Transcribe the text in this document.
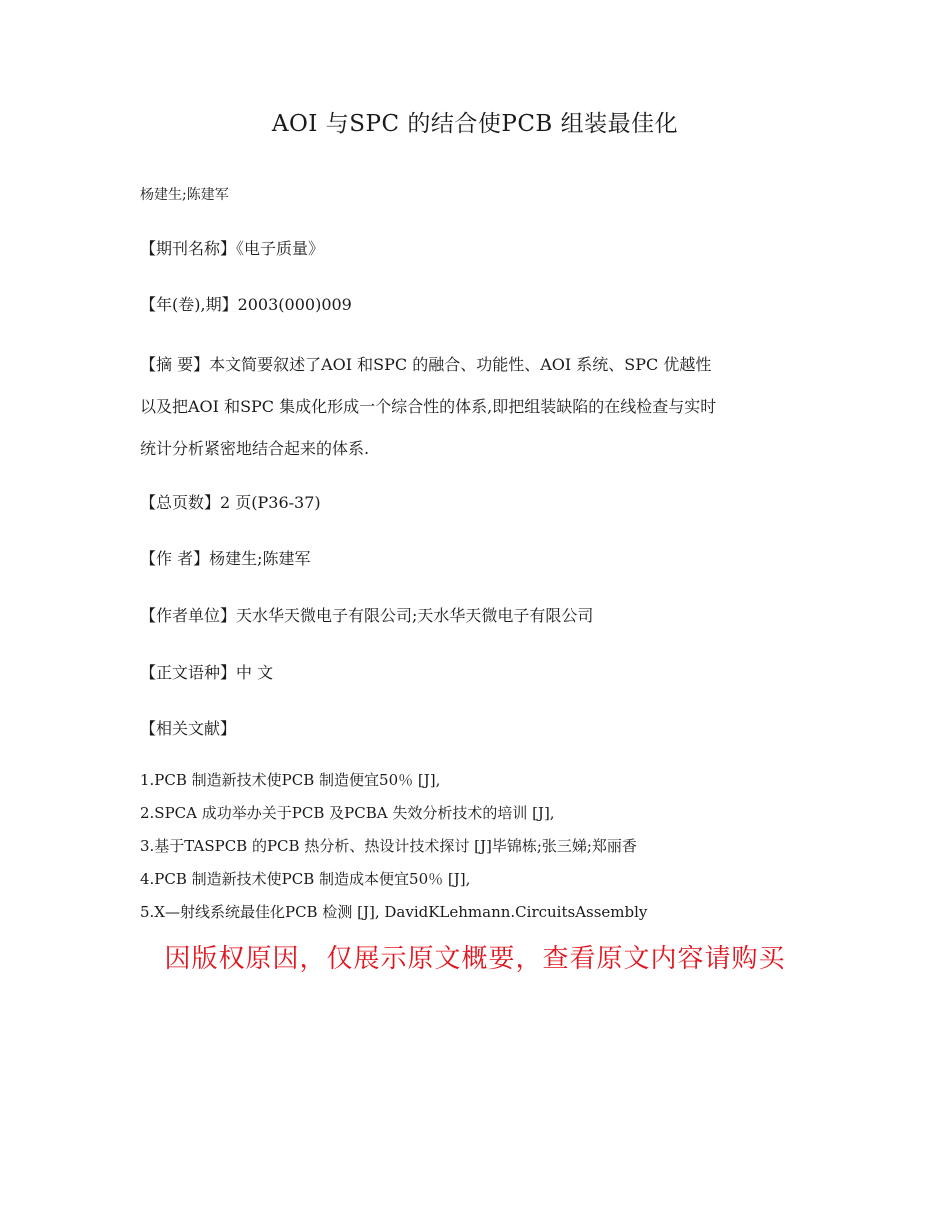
AOI 与SPC 的结合使PCB 组装最佳化
杨建生;陈建军
【期刊名称】《电子质量》
【年(卷),期】2003(000)009
【摘 要】本文简要叙述了AOI 和SPC 的融合、功能性、AOI 系统、SPC 优越性
以及把AOI 和SPC 集成化形成一个综合性的体系,即把组装缺陷的在线检查与实时
统计分析紧密地结合起来的体系.
【总页数】2 页(P36-37)
【作 者】杨建生;陈建军
【作者单位】天水华天微电子有限公司;天水华天微电子有限公司
【正文语种】中 文
【相关文献】
1.PCB 制造新技术使PCB 制造便宜50％ [J],
2.SPCA 成功举办关于PCB 及PCBA 失效分析技术的培训 [J],
3.基于TASPCB 的PCB 热分析、热设计技术探讨 [J]毕锦栋;张三娣;郑丽香
4.PCB 制造新技术使PCB 制造成本便宜50％ [J],
5.X—射线系统最佳化PCB 检测 [J], DavidKLehmann.CircuitsAssembly
因版权原因，仅展示原文概要，查看原文内容请购买
